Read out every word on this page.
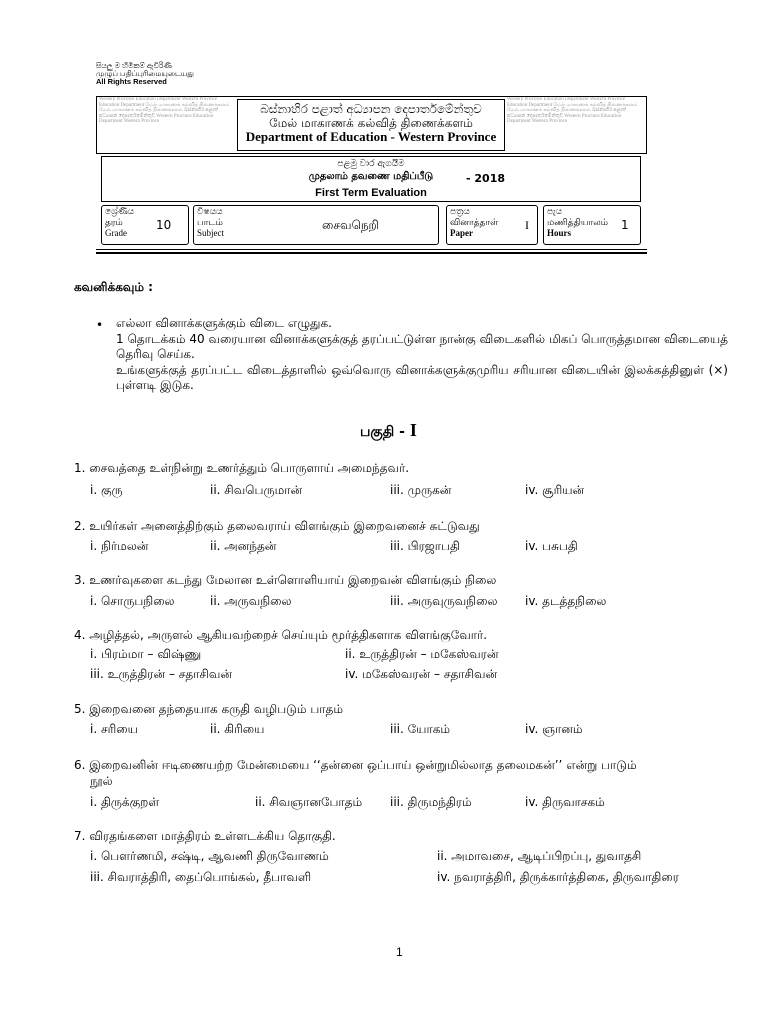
සියලු ම හිමිකම් ඇවිරිණි
முழுப் பதிப்புரிமையுடையது
All Rights Reserved
Western Province Education Department Western Province Education Department மேல் மாகாணக் கல்வித் திணைக்களம் மேல் மாகாணக் கல்வித் திணைக்களம் බස්නාහිර පළාත් අධ්‍යාපන දෙපාර්තමේන්තුව Western Province Education Department Western Province
Western Province Education Department Western Province Education Department மேல் மாகாணக் கல்வித் திணைக்களம் மேல் மாகாணக் கல்வித் திணைக்களம் බස්නාහිර පළාත් අධ්‍යාපන දෙපාර්තමේන්තුව Western Province Education Department Western Province
බස්නාහිර පළාත් අධ්‍යාපන දෙපාර්තමේන්තුව
மேல் மாகாணக் கல்வித் திணைக்களம்
Department of Education - Western Province
පළමු වාර ඇගයීම
முதலாம் தவணை மதிப்பீடு	- 2018
First Term Evaluation
ශ්‍රේණිය
தரம்
Grade
10
විෂයය
பாடம்
Subject
சைவநெறி
පත්‍රය
வினாத்தாள்
Paper
I
පැය
மணித்தியாலம்
Hours
1
கவனிக்கவும் :
• எல்லா வினாக்களுக்கும் விடை எழுதுக.
1 தொடக்கம் 40 வரையான வினாக்களுக்குத் தரப்பட்டுள்ள நான்கு விடைகளில் மிகப் பொருத்தமான விடையைத் தெரிவு செய்க.
உங்களுக்குத் தரப்பட்ட விடைத்தாளில் ஒவ்வொரு வினாக்களுக்குமுரிய சரியான விடையின் இலக்கத்தினுள் (×) புள்ளடி இடுக.
பகுதி - I
1. சைவத்தை உள்நின்று உணர்த்தும் பொருளாய் அமைந்தவர்.
i. குரு	ii. சிவபெருமான்	iii. முருகன்	iv. சூரியன்
2. உயிர்கள் அனைத்திற்கும் தலைவராய் விளங்கும் இறைவனைச் சுட்டுவது
i. நிர்மலன்	ii. அனந்தன்	iii. பிரஜாபதி	iv. பசுபதி
3. உணர்வுகளை கடந்து மேலான உள்ளொளியாய் இறைவன் விளங்கும் நிலை
i. சொருபநிலை	ii. அருவநிலை	iii. அருவுருவநிலை iv. தடத்தநிலை
4. அழித்தல், அருளல் ஆகியவற்றைச் செய்யும் மூர்த்திகளாக விளங்குவோர்.
i. பிரம்மா – விஷ்ணு	ii. உருத்திரன் – மகேஸ்வரன்
iii. உருத்திரன் – சதாசிவன்	iv. மகேஸ்வரன் – சதாசிவன்
5. இறைவனை தந்தையாக கருதி வழிபடும் பாதம்
i. சரியை	ii. கிரியை	iii. யோகம்	iv. ஞானம்
6. இறைவனின் ஈடிணையற்ற மேன்மையை ‘‘தன்னை ஒப்பாய் ஒன்றுமில்லாத தலைமகன்’’ என்று பாடும்
நூல்
i. திருக்குறள்	ii. சிவஞானபோதம் iii. திருமந்திரம்	iv. திருவாசகம்
7. விரதங்களை மாத்திரம் உள்ளடக்கிய தொகுதி.
i. பௌர்ணமி, சஷ்டி, ஆவணி திருவோணம்	ii. அமாவசை, ஆடிப்பிறப்பு, துவாதசி
iii. சிவராத்திரி, தைப்பொங்கல், தீபாவளி	iv. நவராத்திரி, திருக்கார்த்திகை, திருவாதிரை
1
